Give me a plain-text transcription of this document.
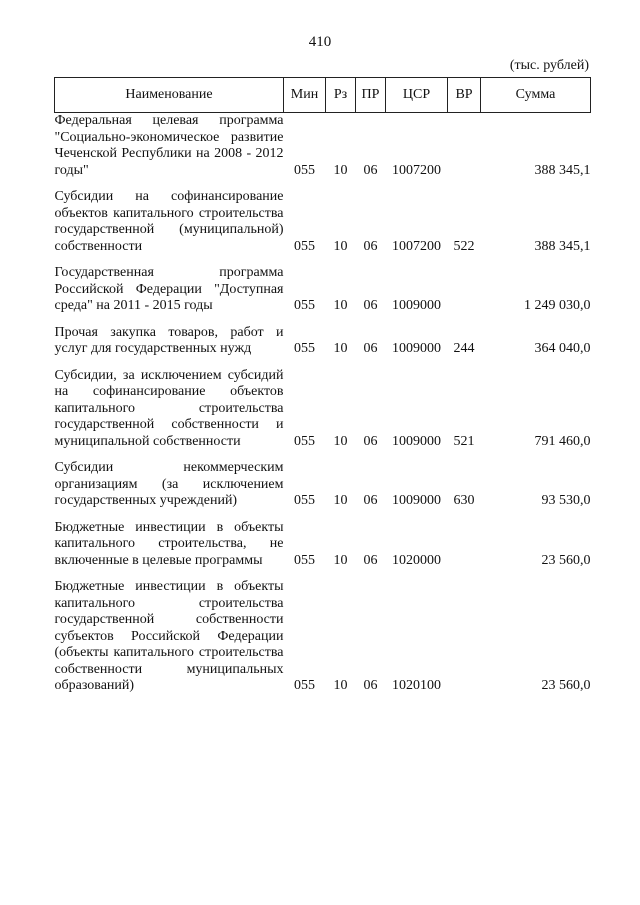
410
(тыс. рублей)
Наименование	Мин	Рз	ПР	ЦСР	ВР	Сумма
Федеральная целевая программа "Социально-экономическое развитие Чеченской Республики на 2008 - 2012 годы"	055	10	06	1007200		388 345,1

Субсидии на софинансирование объектов капитального строительства государственной (муниципальной) собственности	055	10	06	1007200	522	388 345,1

Государственная программа Российской Федерации "Доступная среда" на 2011 - 2015 годы	055	10	06	1009000		1 249 030,0

Прочая закупка товаров, работ и услуг для государственных нужд	055	10	06	1009000	244	364 040,0

Субсидии, за исключением субсидий на софинансирование объектов капитального строительства государственной собственности и муниципальной собственности	055	10	06	1009000	521	791 460,0

Субсидии некоммерческим организациям (за исключением государственных учреждений)	055	10	06	1009000	630	93 530,0

Бюджетные инвестиции в объекты капитального строительства, не включенные в целевые программы	055	10	06	1020000		23 560,0

Бюджетные инвестиции в объекты капитального строительства государственной собственности субъектов Российской Федерации (объекты капитального строительства собственности муниципальных образований)	055	10	06	1020100		23 560,0
